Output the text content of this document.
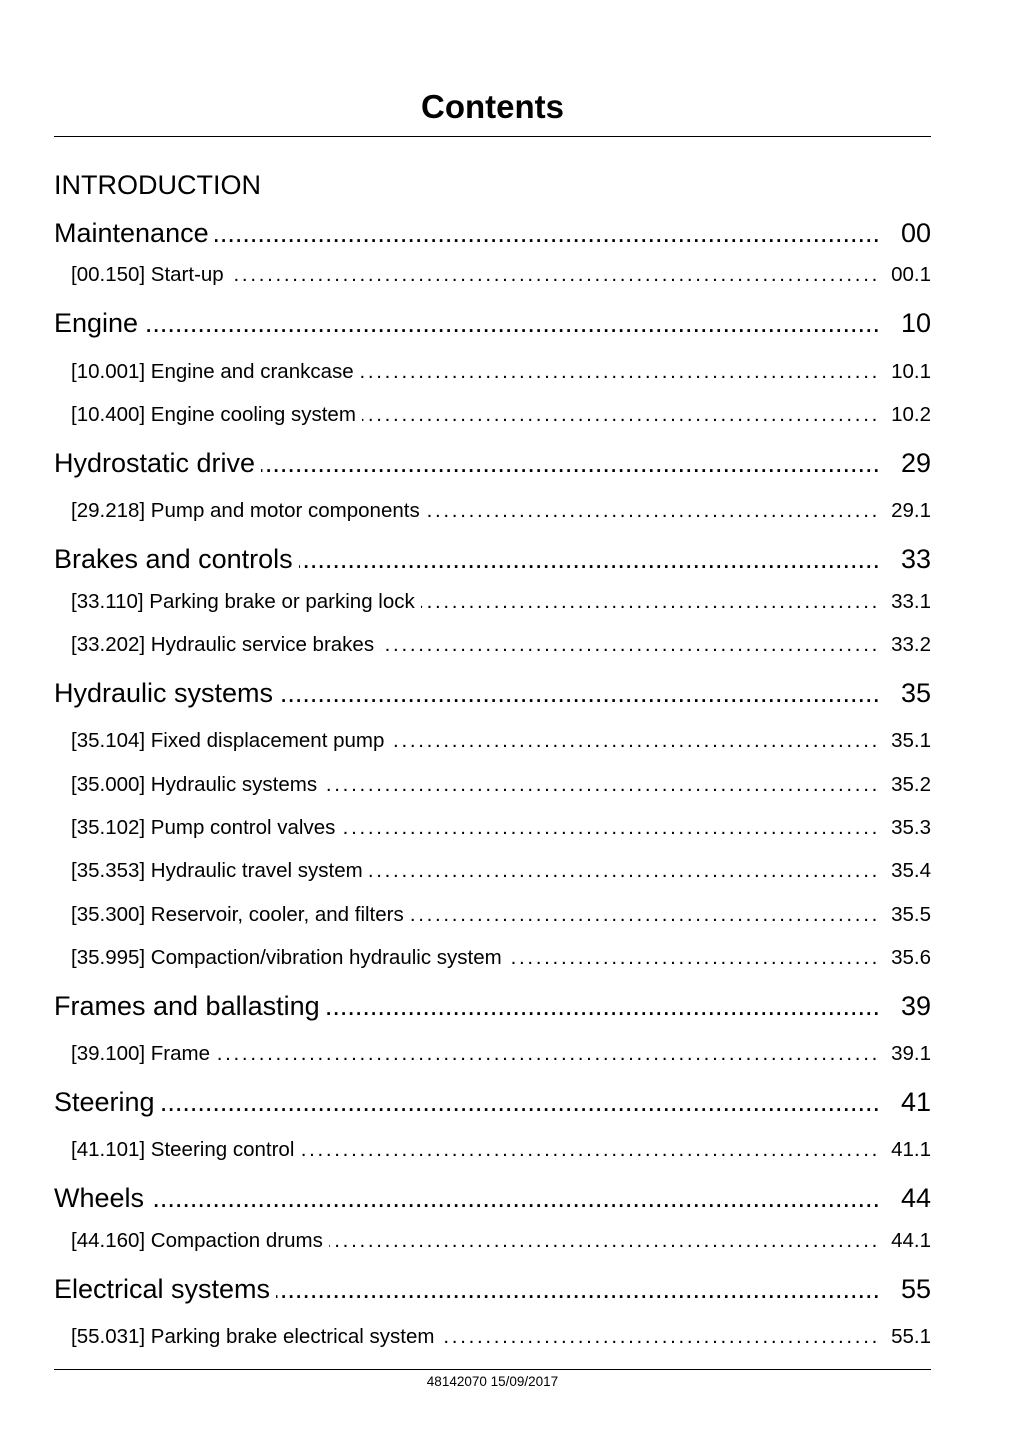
Contents
INTRODUCTION
Maintenance .....	00
[00.150] Start-up .....	00.1
Engine .....	10
[10.001] Engine and crankcase .....	10.1
[10.400] Engine cooling system .....	10.2
Hydrostatic drive .....	29
[29.218] Pump and motor components .....	29.1
Brakes and controls .....	33
[33.110] Parking brake or parking lock .....	33.1
[33.202] Hydraulic service brakes .....	33.2
Hydraulic systems .....	35
[35.104] Fixed displacement pump .....	35.1
[35.000] Hydraulic systems .....	35.2
[35.102] Pump control valves .....	35.3
[35.353] Hydraulic travel system .....	35.4
[35.300] Reservoir, cooler, and filters .....	35.5
[35.995] Compaction/vibration hydraulic system .....	35.6
Frames and ballasting .....	39
[39.100] Frame .....	39.1
Steering .....	41
[41.101] Steering control .....	41.1
Wheels .....	44
[44.160] Compaction drums .....	44.1
Electrical systems .....	55
[55.031] Parking brake electrical system .....	55.1
48142070 15/09/2017
